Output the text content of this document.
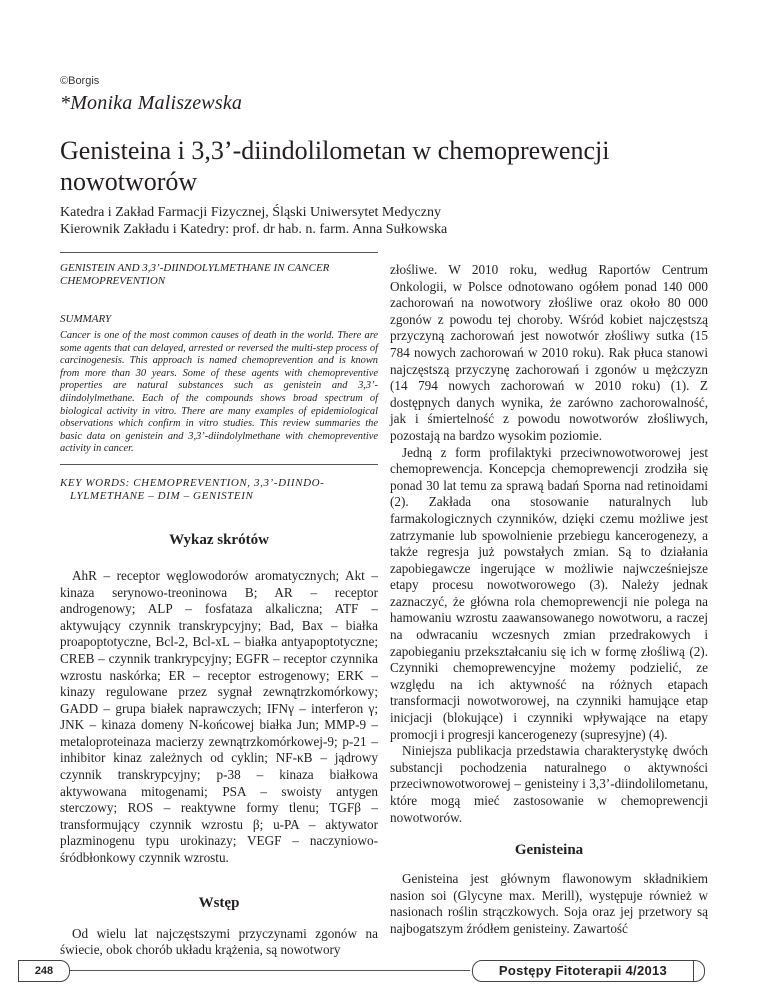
©Borgis
*Monika Maliszewska
Genisteina i 3,3’-diindolilometan w chemoprewencji nowotworów
Katedra i Zakład Farmacji Fizycznej, Śląski Uniwersytet Medyczny
Kierownik Zakładu i Katedry: prof. dr hab. n. farm. Anna Sułkowska
GENISTEIN AND 3,3’-DIINDOLYLMETHANE IN CANCER CHEMOPREVENTION
SUMMARY
Cancer is one of the most common causes of death in the world. There are some agents that can delayed, arrested or reversed the multi-step process of carcinogenesis. This approach is named chemoprevention and is known from more than 30 years. Some of these agents with chemopreventive properties are natural substances such as genistein and 3,3’-diindolylmethane. Each of the compounds shows broad spectrum of biological activity in vitro. There are many examples of epidemiological observations which confirm in vitro studies. This review summaries the basic data on genistein and 3,3’-diindolylmethane with chemopreventive activity in cancer.
KEY WORDS: CHEMOPREVENTION, 3,3’-DIINDO-
LYLMETHANE – DIM – GENISTEIN
Wykaz skrótów

AhR – receptor węglowodorów aromatycznych; Akt – kinaza serynowo-treoninowa B; AR – receptor androgenowy; ALP – fosfataza alkaliczna; ATF – aktywujący czynnik transkrypcyjny; Bad, Bax – białka proapoptotyczne, Bcl-2, Bcl-xL – białka antyapoptotyczne; CREB – czynnik trankrypcyjny; EGFR – receptor czynnika wzrostu naskórka; ER – receptor estrogenowy; ERK – kinazy regulowane przez sygnał zewnątrzkomórkowy; GADD – grupa białek naprawczych; IFNγ – interferon γ; JNK – kinaza domeny N-końcowej białka Jun; MMP-9 – metaloproteinaza macierzy zewnątrzkomórkowej-9; p-21 – inhibitor kinaz zależnych od cyklin; NF-κB – jądrowy czynnik transkrypcyjny; p-38 – kinaza białkowa aktywowana mitogenami; PSA – swoisty antygen sterczowy; ROS – reaktywne formy tlenu; TGFβ – transformujący czynnik wzrostu β; u-PA – aktywator plazminogenu typu urokinazy; VEGF – naczyniowo-śródbłonkowy czynnik wzrostu.

Wstęp

Od wielu lat najczęstszymi przyczynami zgonów na świecie, obok chorób układu krążenia, są nowotwory

złośliwe. W 2010 roku, według Raportów Centrum Onkologii, w Polsce odnotowano ogółem ponad 140 000 zachorowań na nowotwory złośliwe oraz około 80 000 zgonów z powodu tej choroby. Wśród kobiet najczęstszą przyczyną zachorowań jest nowotwór złośliwy sutka (15 784 nowych zachorowań w 2010 roku). Rak płuca stanowi najczęstszą przyczynę zachorowań i zgonów u mężczyzn (14 794 nowych zachorowań w 2010 roku) (1). Z dostępnych danych wynika, że zarówno zachorowalność, jak i śmiertelność z powodu nowotworów złośliwych, pozostają na bardzo wysokim poziomie.

Jedną z form profilaktyki przeciwnowotworowej jest chemoprewencja. Koncepcja chemoprewencji zrodziła się ponad 30 lat temu za sprawą badań Sporna nad retinoidami (2). Zakłada ona stosowanie naturalnych lub farmakologicznych czynników, dzięki czemu możliwe jest zatrzymanie lub spowolnienie przebiegu kancerogenezy, a także regresja już powstałych zmian. Są to działania zapobiegawcze ingerujące w możliwie najwcześniejsze etapy procesu nowotworowego (3). Należy jednak zaznaczyć, że główna rola chemoprewencji nie polega na hamowaniu wzrostu zaawansowanego nowotworu, a raczej na odwracaniu wczesnych zmian przedrakowych i zapobieganiu przekształcaniu się ich w formę złośliwą (2). Czynniki chemoprewencyjne możemy podzielić, ze względu na ich aktywność na różnych etapach transformacji nowotworowej, na czynniki hamujące etap inicjacji (blokujące) i czynniki wpływające na etapy promocji i progresji kancerogenezy (supresyjne) (4).

Niniejsza publikacja przedstawia charakterystykę dwóch substancji pochodzenia naturalnego o aktywności przeciwnowotworowej – genisteiny i 3,3’-diindolilometanu, które mogą mieć zastosowanie w chemoprewencji nowotworów.

Genisteina

Genisteina jest głównym flawonowym składnikiem nasion soi (Glycyne max. Merill), występuje również w nasionach roślin strączkowych. Soja oraz jej przetwory są najbogatszym źródłem genisteiny. Zawartość

248	Postępy Fitoterapii 4/2013
